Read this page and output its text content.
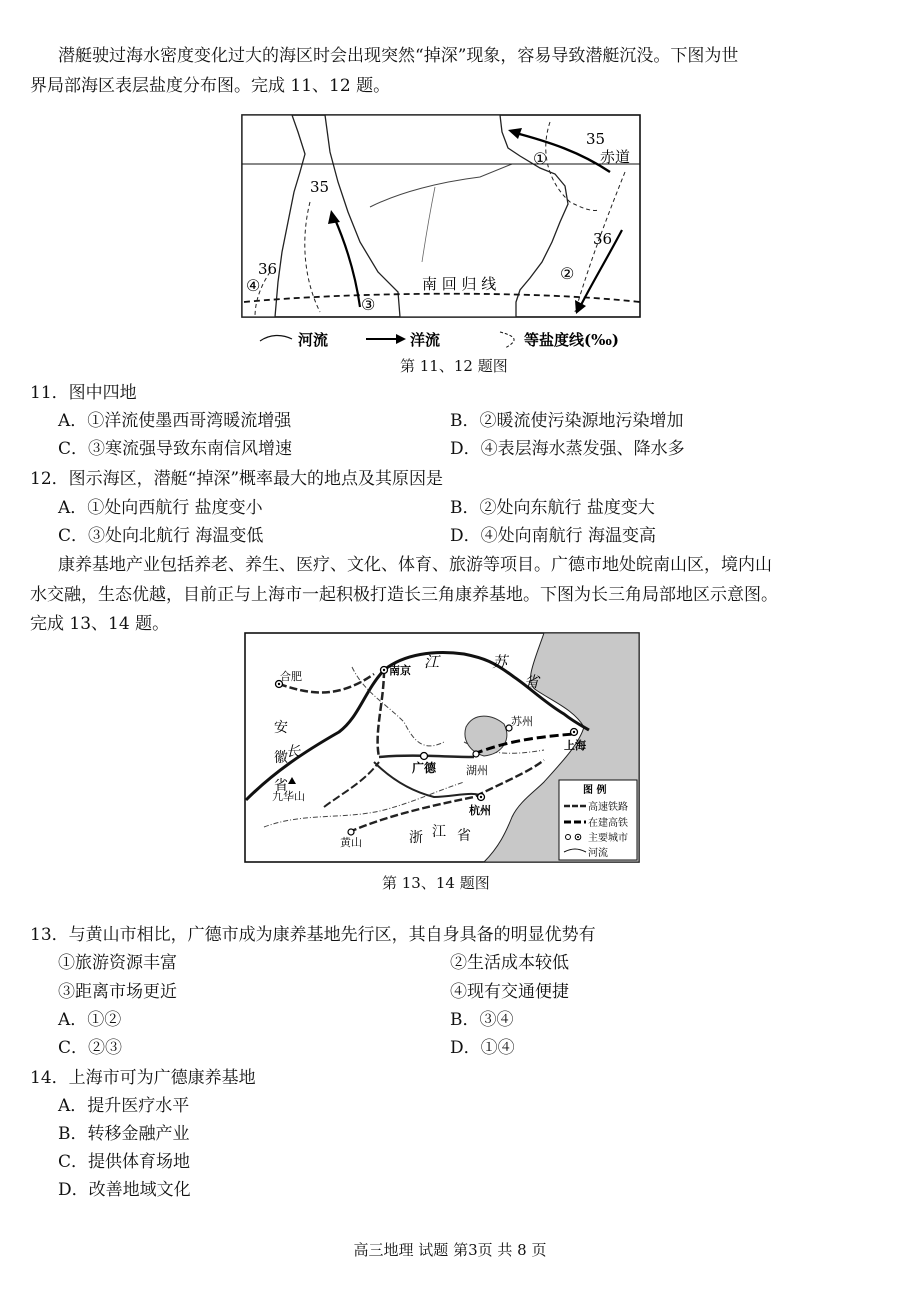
潜艇驶过海水密度变化过大的海区时会出现突然“掉深”现象，容易导致潜艇沉没。下图为世
界局部海区表层盐度分布图。完成 11、12 题。
35
赤道
①
35
36
②
36
④
③
南 回 归 线
河流	洋流	等盐度线(‰)
第 11、12 题图
11．图中四地
A．①洋流使墨西哥湾暖流增强	B．②暖流使污染源地污染增加
C．③寒流强导致东南信风增速	D．④表层海水蒸发强、降水多
12．图示海区，潜艇“掉深”概率最大的地点及其原因是
A．①处向西航行 盐度变小	B．②处向东航行 盐度变大
C．③处向北航行 海温变低	D．④处向南航行 海温变高
康养基地产业包括养老、养生、医疗、文化、体育、旅游等项目。广德市地处皖南山区，境内山
水交融，生态优越，目前正与上海市一起积极打造长三角康养基地。下图为长三角局部地区示意图。
完成 13、14 题。
合肥	南京 江	苏
省
安
徽
省
长
九华山
广德
苏州
上海
湖州
杭州
黄山	浙 江 省
图 例
高速铁路
在建高铁
主要城市
河流
第 13、14 题图
13．与黄山市相比，广德市成为康养基地先行区，其自身具备的明显优势有
①旅游资源丰富	②生活成本较低
③距离市场更近	④现有交通便捷
A．①②	B．③④
C．②③	D．①④
14．上海市可为广德康养基地
A．提升医疗水平
B．转移金融产业
C．提供体育场地
D．改善地域文化
高三地理 试题 第3页 共 8 页
